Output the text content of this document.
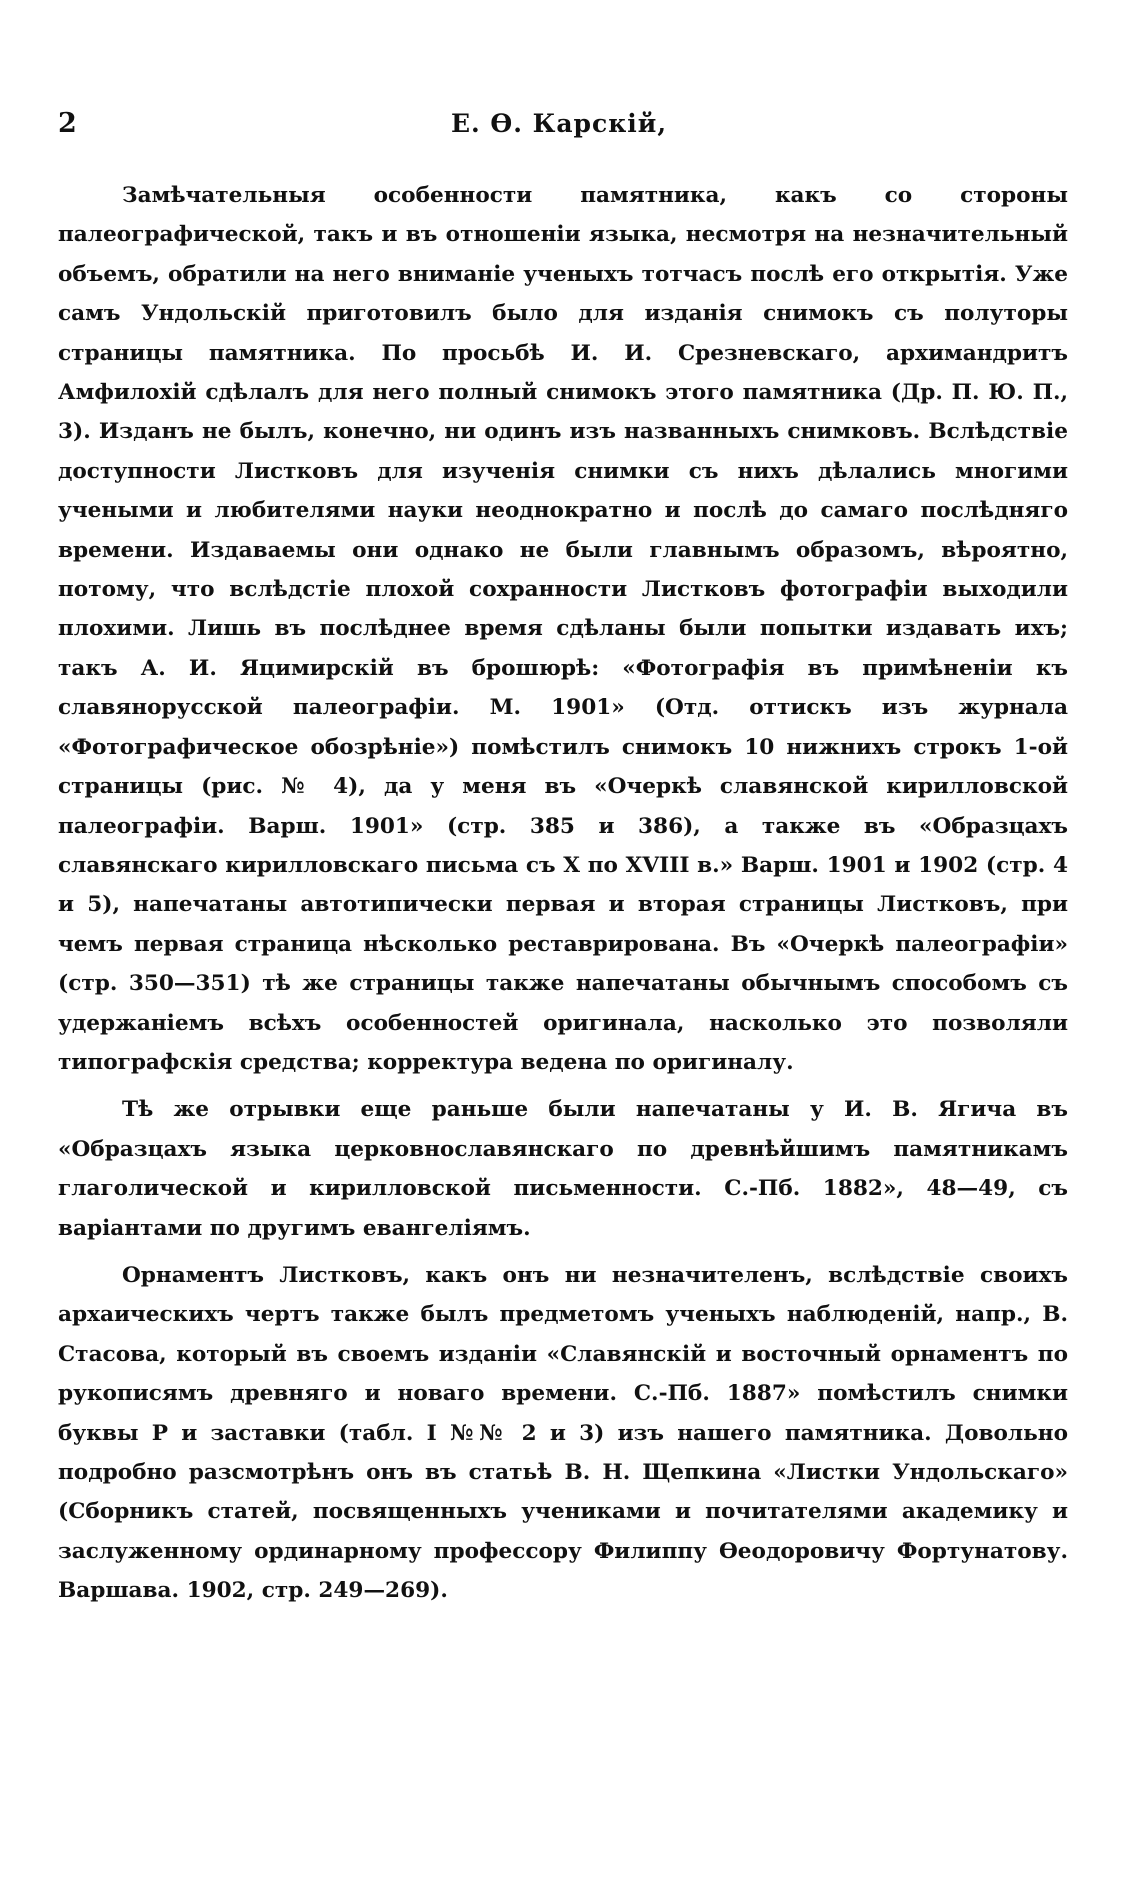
2	Е. Ѳ. Карскій,

Замѣчательныя особенности памятника, какъ со стороны палеографической, такъ и въ отношеніи языка, несмотря на незначительный объемъ, обратили на него вниманіе ученыхъ тотчасъ послѣ его открытія. Уже самъ Ундольскій приготовилъ было для изданія снимокъ съ полуторы страницы памятника. По просьбѣ И. И. Срезневскаго, архимандритъ Амфилохій сдѣлалъ для него полный снимокъ этого памятника (Др. П. Ю. П., 3). Изданъ не былъ, конечно, ни одинъ изъ названныхъ снимковъ. Вслѣдствіе доступности Листковъ для изученія снимки съ нихъ дѣлались многими учеными и любителями науки неоднократно и послѣ до самаго послѣдняго времени. Издаваемы они однако не были главнымъ образомъ, вѣроятно, потому, что вслѣдстіе плохой сохранности Листковъ фотографіи выходили плохими. Лишь въ послѣднее время сдѣланы были попытки издавать ихъ; такъ А. И. Яцимирскій въ брошюрѣ: «Фотографія въ примѣненіи къ славянорусской палеографіи. М. 1901» (Отд. оттискъ изъ журнала «Фотографическое обозрѣніе») помѣстилъ снимокъ 10 нижнихъ строкъ 1-ой страницы (рис. № 4), да у меня въ «Очеркѣ славянской кирилловской палеографіи. Варш. 1901» (стр. 385 и 386), а также въ «Образцахъ славянскаго кирилловскаго письма съ X по XVIII в.» Варш. 1901 и 1902 (стр. 4 и 5), напечатаны автотипически первая и вторая страницы Листковъ, при чемъ первая страница нѣсколько реставрирована. Въ «Очеркѣ палеографіи» (стр. 350—351) тѣ же страницы также напечатаны обычнымъ способомъ съ удержаніемъ всѣхъ особенностей оригинала, насколько это позволяли типографскія средства; корректура ведена по оригиналу.

Тѣ же отрывки еще раньше были напечатаны у И. В. Ягича въ «Образцахъ языка церковнославянскаго по древнѣйшимъ памятникамъ глаголической и кирилловской письменности. С.-Пб. 1882», 48—49, съ варіантами по другимъ евангеліямъ.

Орнаментъ Листковъ, какъ онъ ни незначителенъ, вслѣдствіе своихъ архаическихъ чертъ также былъ предметомъ ученыхъ наблюденій, напр., В. Стасова, который въ своемъ изданіи «Славянскій и восточный орнаментъ по рукописямъ древняго и новаго времени. С.-Пб. 1887» помѣстилъ снимки буквы Р и заставки (табл. I №№ 2 и 3) изъ нашего памятника. Довольно подробно разсмотрѣнъ онъ въ статьѣ В. Н. Щепкина «Листки Ундольскаго» (Сборникъ статей, посвященныхъ учениками и почитателями академику и заслуженному ординарному профессору Филиппу Ѳеодоровичу Фортунатову. Варшава. 1902, стр. 249—269).
